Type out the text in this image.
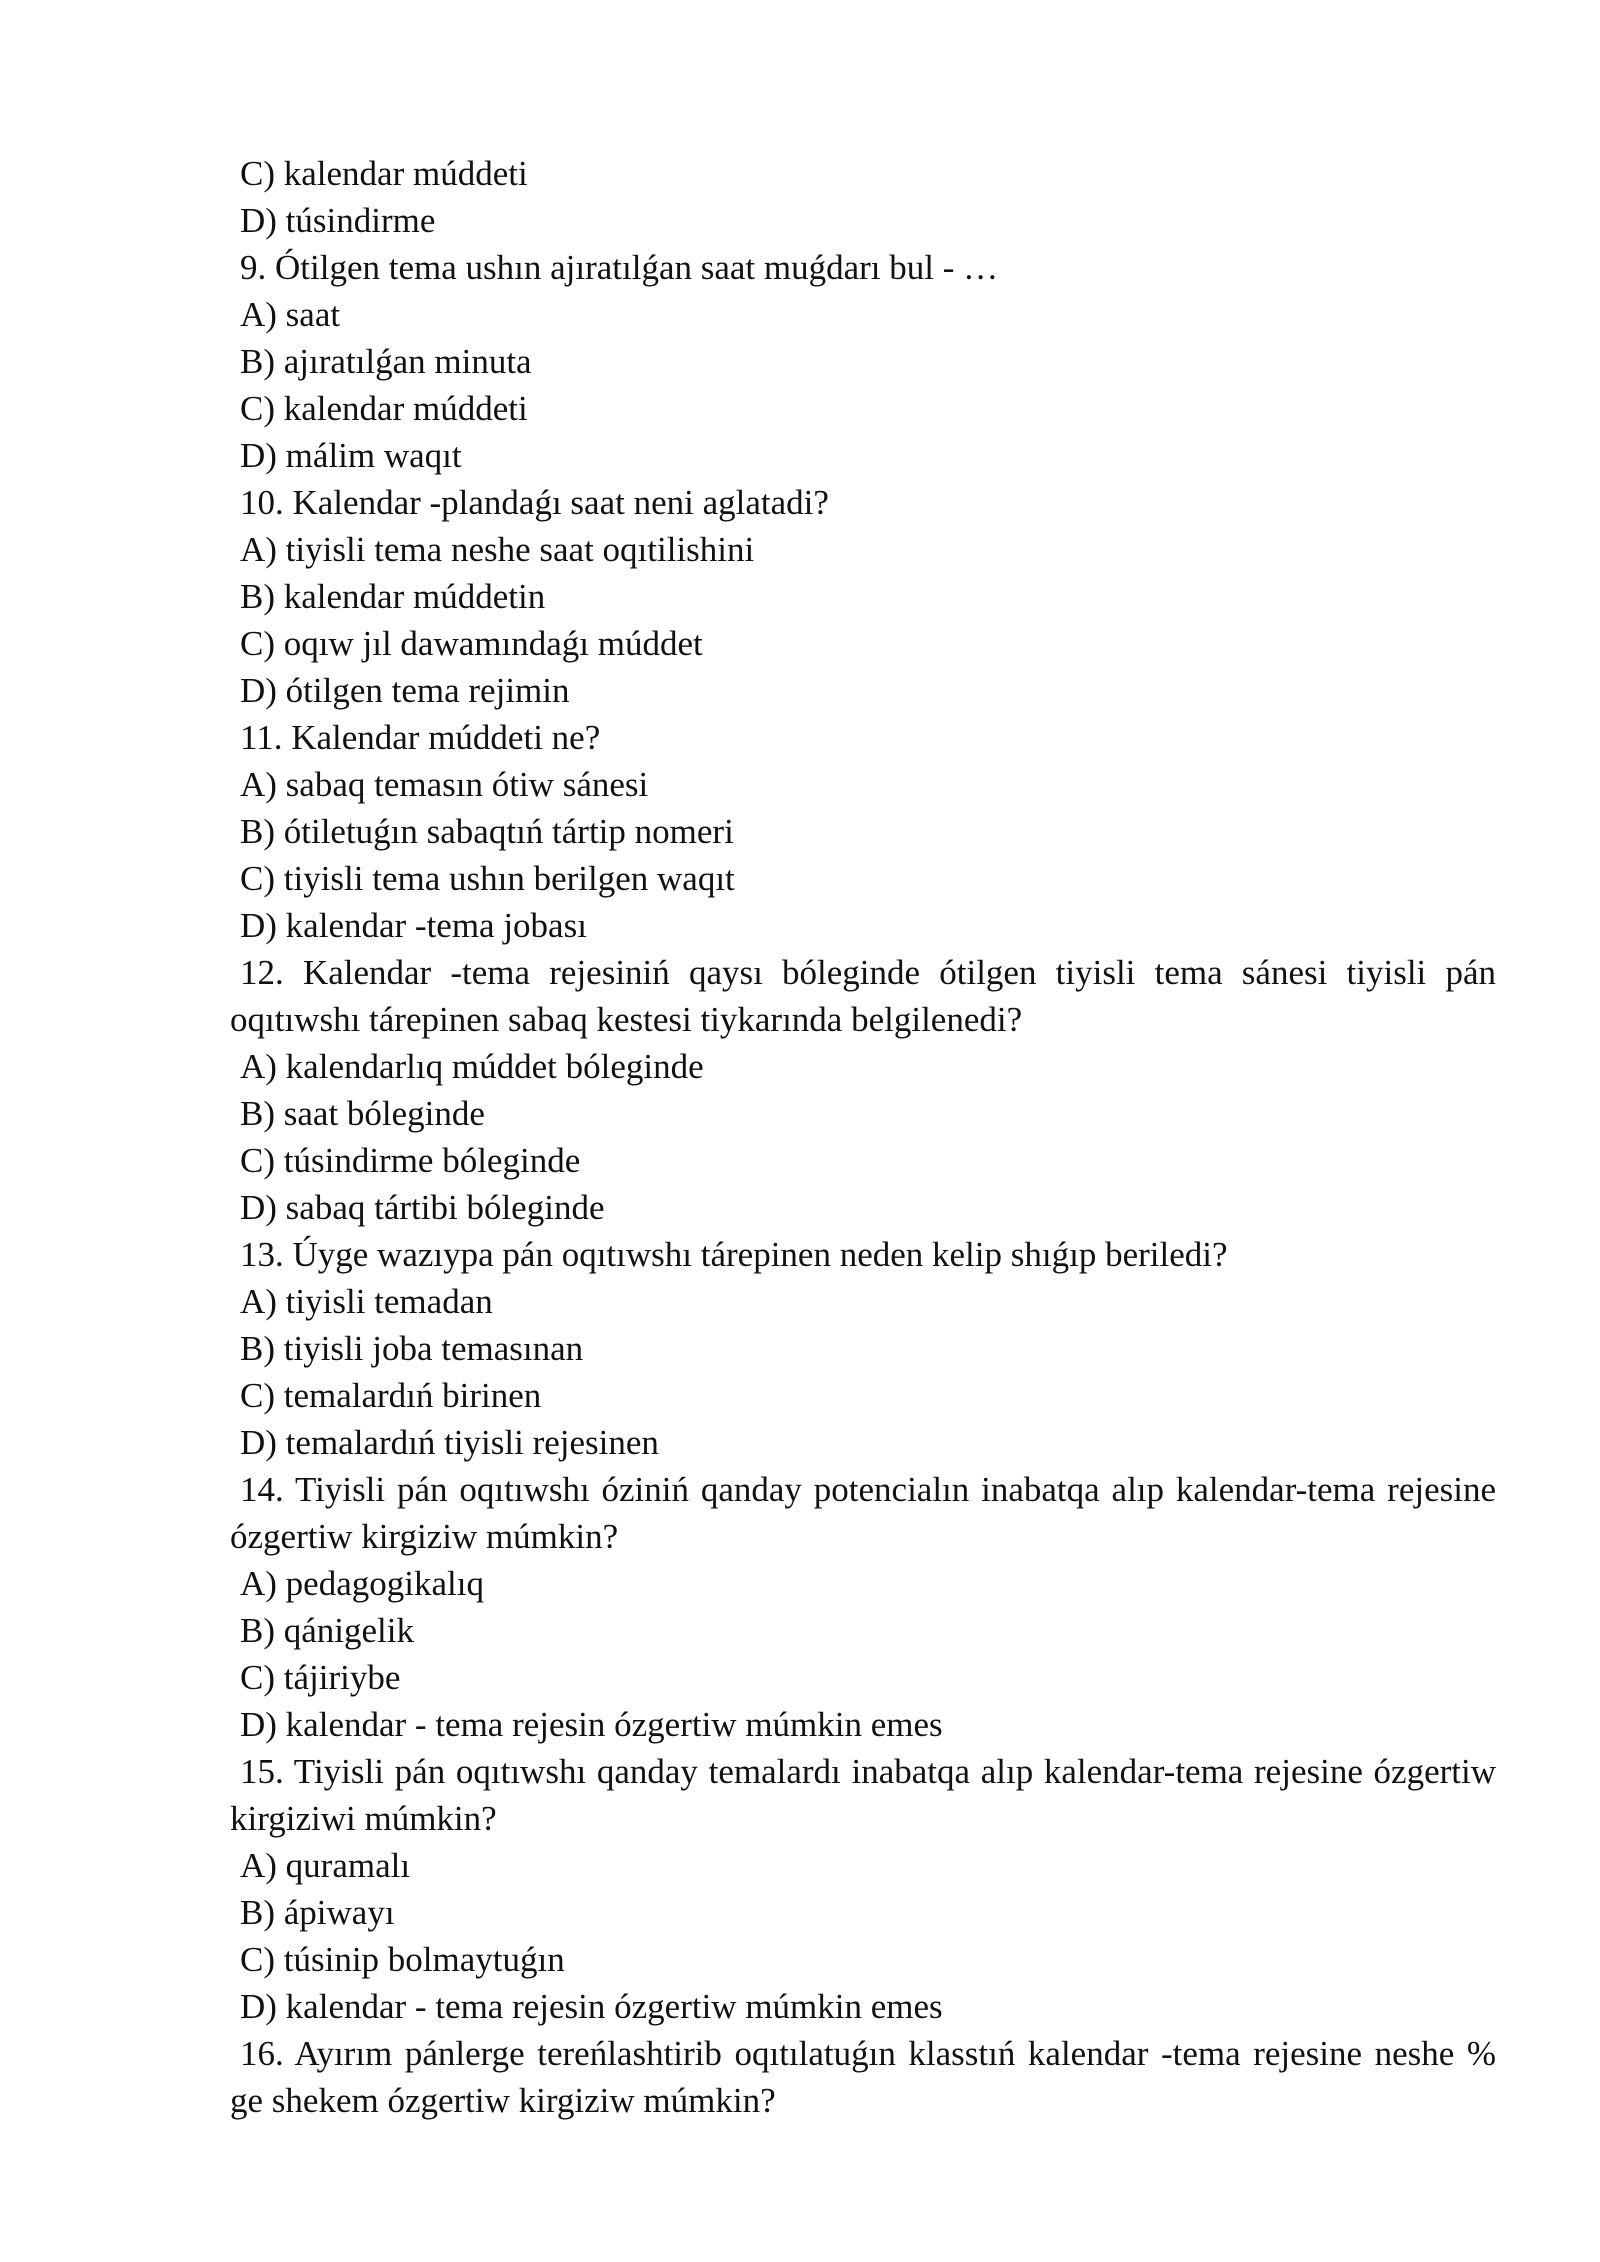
C) kalendar múddeti
D) túsindirme
9. Ótilgen tema ushın ajıratılǵan saat muǵdarı bul - …
A) saat
B) ajıratılǵan minuta
C) kalendar múddeti
D) málim waqıt
10. Kalendar -plandaǵı saat neni aglatadi?
A) tiyisli tema neshe saat oqıtilishini
B) kalendar múddetin
C) oqıw jıl dawamındaǵı múddet
D) ótilgen tema rejimin
11. Kalendar múddeti ne?
A) sabaq temasın ótiw sánesi
B) ótiletuǵın sabaqtıń tártip nomeri
C) tiyisli tema ushın berilgen waqıt
D) kalendar -tema jobası
12. Kalendar -tema rejesiniń qaysı bóleginde ótilgen tiyisli tema sánesi tiyisli pán oqıtıwshı tárepinen sabaq kestesi tiykarında belgilenedi?
A) kalendarlıq múddet bóleginde
B) saat bóleginde
C) túsindirme bóleginde
D) sabaq tártibi bóleginde
13. Úyge wazıypa pán oqıtıwshı tárepinen neden kelip shıǵıp beriledi?
A) tiyisli temadan
B) tiyisli joba temasınan
C) temalardıń birinen
D) temalardıń tiyisli rejesinen
14. Tiyisli pán oqıtıwshı óziniń qanday potencialın inabatqa alıp kalendar-tema rejesine ózgertiw kirgiziw múmkin?
A) pedagogikalıq
B) qánigelik
C) tájiriybe
D) kalendar - tema rejesin ózgertiw múmkin emes
15. Tiyisli pán oqıtıwshı qanday temalardı inabatqa alıp kalendar-tema rejesine ózgertiw kirgiziwi múmkin?
A) quramalı
B) ápiwayı
C) túsinip bolmaytuǵın
D) kalendar - tema rejesin ózgertiw múmkin emes
16. Ayırım pánlerge tereńlashtirib oqıtılatuǵın klasstıń kalendar -tema rejesine neshe % ge shekem ózgertiw kirgiziw múmkin?
